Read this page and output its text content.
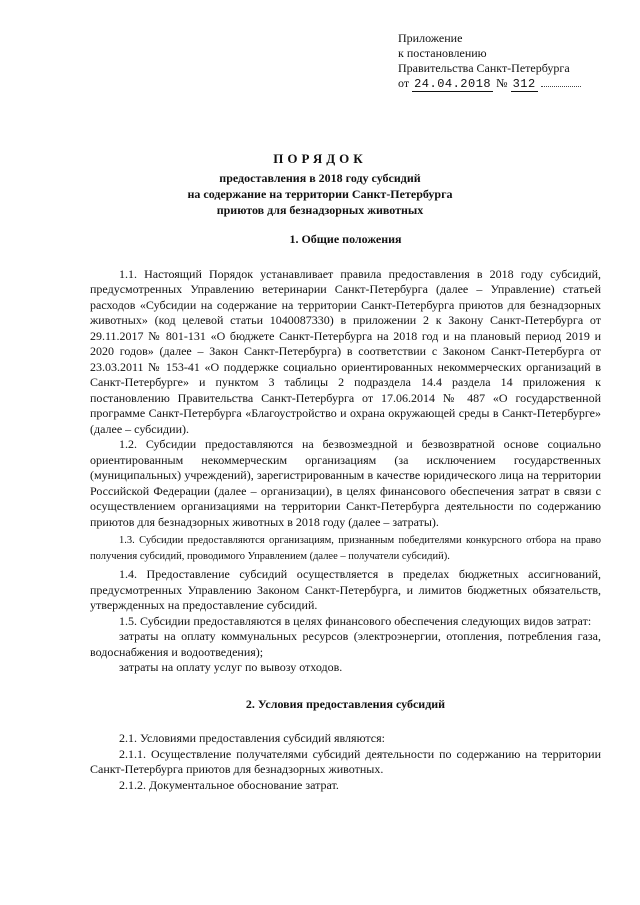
Приложение
к постановлению
Правительства Санкт-Петербурга
от 24.04.2018 № 312
ПОРЯДОК
предоставления в 2018 году субсидий
на содержание на территории Санкт-Петербурга
приютов для безнадзорных животных
1. Общие положения

1.1. Настоящий Порядок устанавливает правила предоставления в 2018 году субсидий, предусмотренных Управлению ветеринарии Санкт-Петербурга (далее – Управление) статьей расходов «Субсидии на содержание на территории Санкт-Петербурга приютов для безнадзорных животных» (код целевой статьи 1040087330) в приложении 2 к Закону Санкт-Петербурга от 29.11.2017 № 801-131 «О бюджете Санкт-Петербурга на 2018 год и на плановый период 2019 и 2020 годов» (далее – Закон Санкт-Петербурга) в соответствии с Законом Санкт-Петербурга от 23.03.2011 № 153-41 «О поддержке социально ориентированных некоммерческих организаций в Санкт-Петербурге» и пунктом 3 таблицы 2 подраздела 14.4 раздела 14 приложения к постановлению Правительства Санкт-Петербурга от 17.06.2014 № 487 «О государственной программе Санкт-Петербурга «Благоустройство и охрана окружающей среды в Санкт-Петербурге» (далее – субсидии).

1.2. Субсидии предоставляются на безвозмездной и безвозвратной основе социально ориентированным некоммерческим организациям (за исключением государственных (муниципальных) учреждений), зарегистрированным в качестве юридического лица на территории Российской Федерации (далее – организации), в целях финансового обеспечения затрат в связи с осуществлением организациями на территории Санкт-Петербурга деятельности по содержанию приютов для безнадзорных животных в 2018 году (далее – затраты).

1.3. Субсидии предоставляются организациям, признанным победителями конкурсного отбора на право получения субсидий, проводимого Управлением (далее – получатели субсидий).

1.4. Предоставление субсидий осуществляется в пределах бюджетных ассигнований, предусмотренных Управлению Законом Санкт-Петербурга, и лимитов бюджетных обязательств, утвержденных на предоставление субсидий.

1.5. Субсидии предоставляются в целях финансового обеспечения следующих видов затрат:

затраты на оплату коммунальных ресурсов (электроэнергии, отопления, потребления газа, водоснабжения и водоотведения);

затраты на оплату услуг по вывозу отходов.

2. Условия предоставления субсидий

2.1. Условиями предоставления субсидий являются:

2.1.1. Осуществление получателями субсидий деятельности по содержанию на территории Санкт-Петербурга приютов для безнадзорных животных.

2.1.2. Документальное обоснование затрат.
